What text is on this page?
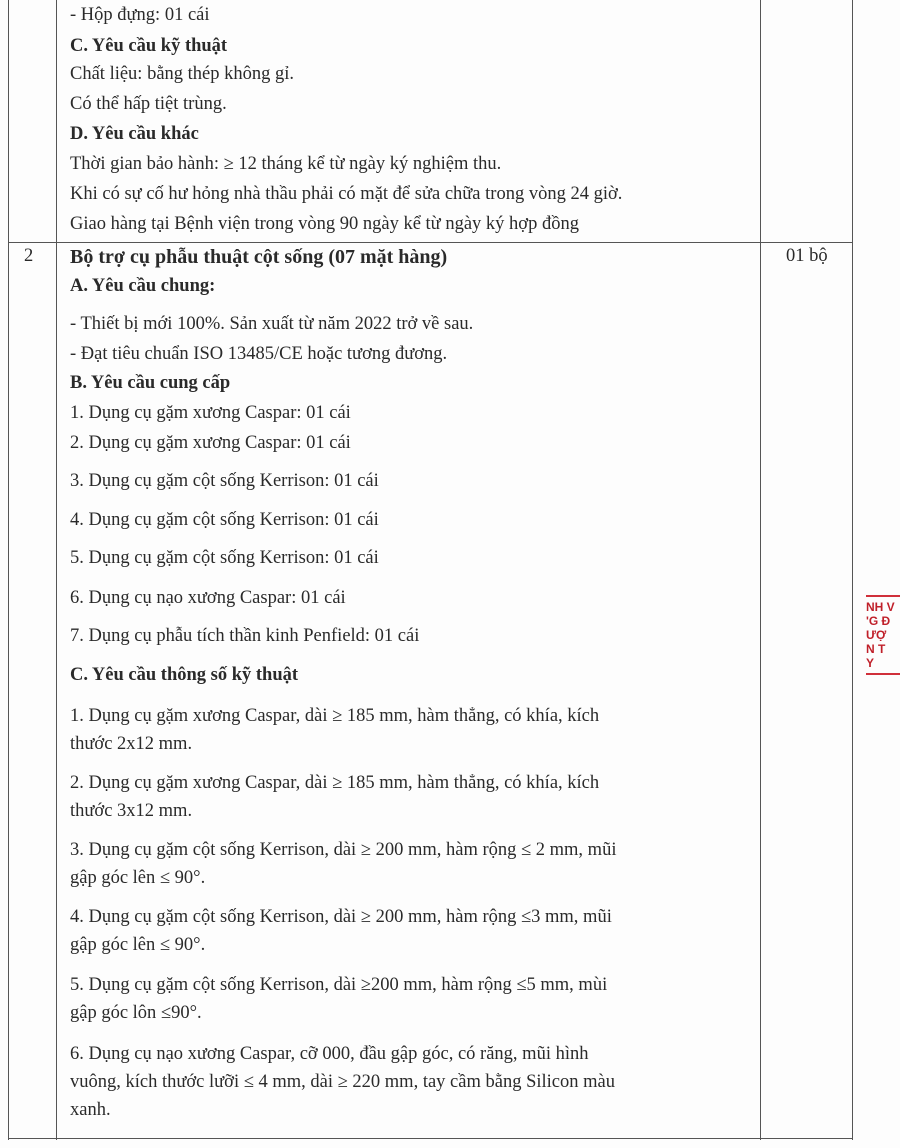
- Hộp đựng: 01 cái
C. Yêu cầu kỹ thuật
Chất liệu: bằng thép không gỉ.
Có thể hấp tiệt trùng.
D. Yêu cầu khác
Thời gian bảo hành: ≥ 12 tháng kể từ ngày ký nghiệm thu.
Khi có sự cố hư hỏng nhà thầu phải có mặt để sửa chữa trong vòng 24 giờ.
Giao hàng tại Bệnh viện trong vòng 90 ngày kể từ ngày ký hợp đồng
2	01 bộ
Bộ trợ cụ phẫu thuật cột sống (07 mặt hàng)
A. Yêu cầu chung:
- Thiết bị mới 100%. Sản xuất từ năm 2022 trở về sau.
- Đạt tiêu chuẩn ISO 13485/CE hoặc tương đương.
B. Yêu cầu cung cấp
1. Dụng cụ gặm xương Caspar: 01 cái
2. Dụng cụ gặm xương Caspar: 01 cái
3. Dụng cụ gặm cột sống Kerrison: 01 cái
4. Dụng cụ gặm cột sống Kerrison: 01 cái
5. Dụng cụ gặm cột sống Kerrison: 01 cái
6. Dụng cụ nạo xương Caspar: 01 cái
7. Dụng cụ phẫu tích thần kinh Penfield: 01 cái
C. Yêu cầu thông số kỹ thuật
1. Dụng cụ gặm xương Caspar, dài ≥ 185 mm, hàm thẳng, có khía, kích
thước 2x12 mm.
2. Dụng cụ gặm xương Caspar, dài ≥ 185 mm, hàm thẳng, có khía, kích
thước 3x12 mm.
3. Dụng cụ gặm cột sống Kerrison, dài ≥ 200 mm, hàm rộng ≤ 2 mm, mũi
gập góc lên ≤ 90°.
4. Dụng cụ gặm cột sống Kerrison, dài ≥ 200 mm, hàm rộng ≤3 mm, mũi
gập góc lên ≤ 90°.
5. Dụng cụ gặm cột sống Kerrison, dài ≥200 mm, hàm rộng ≤5 mm, mùi
gập góc lôn ≤90°.
6. Dụng cụ nạo xương Caspar, cỡ 000, đầu gập góc, có răng, mũi hình
vuông, kích thước lưỡi ≤ 4 mm, dài ≥ 220 mm, tay cầm bằng Silicon màu
xanh.
NH V
'G Đ
ƯỢ
N T
Y
